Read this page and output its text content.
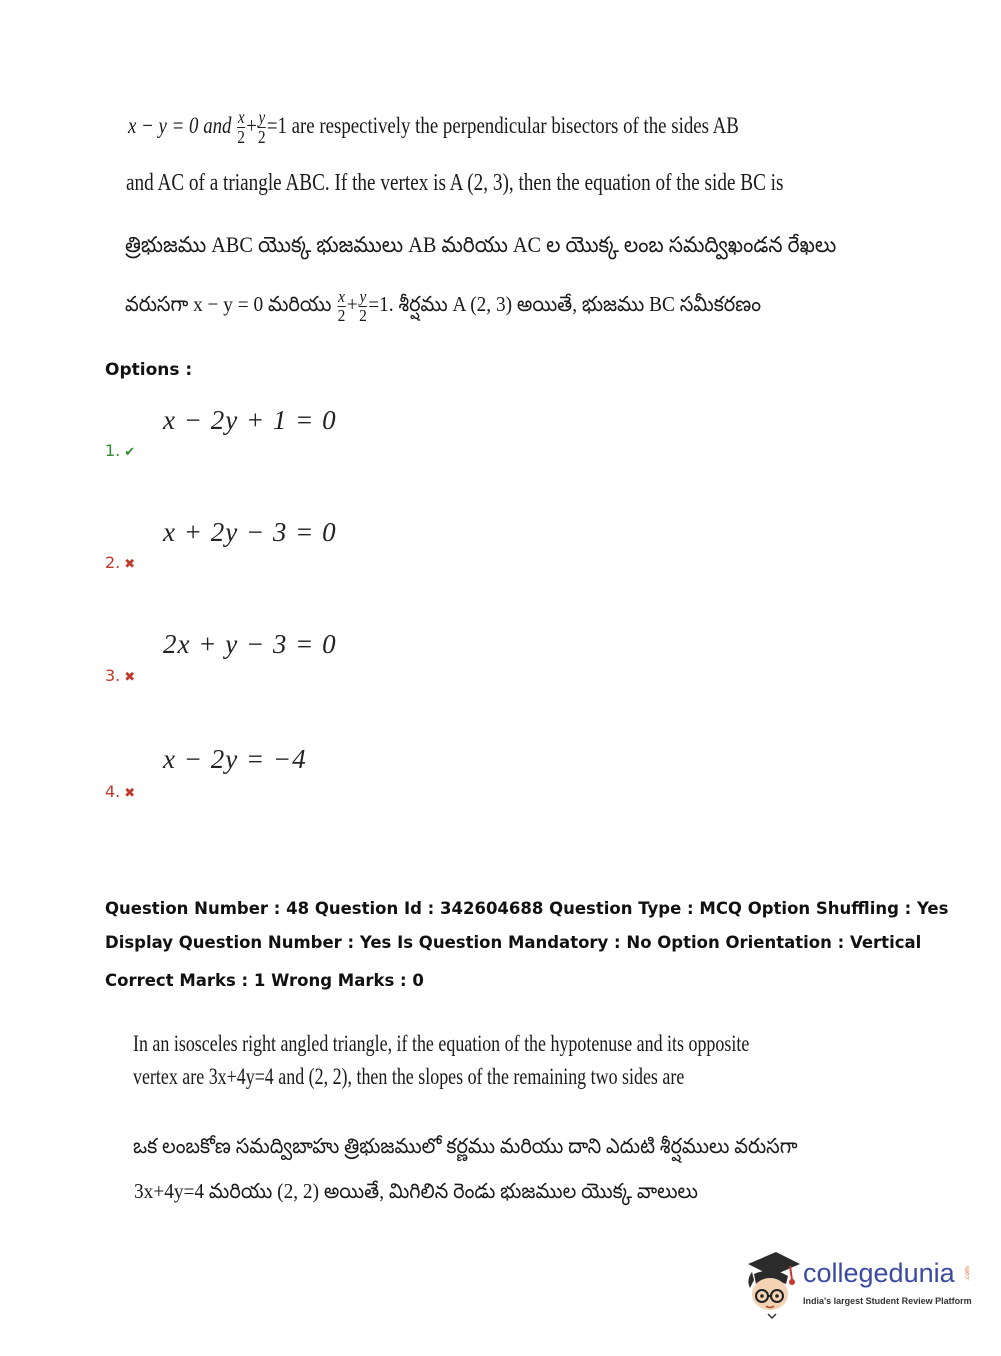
x − y = 0 and $\frac{x}{2} + \frac{y}{2} =1$ are respectively the perpendicular bisectors of the sides AB
and AC of a triangle ABC. If the vertex is A (2, 3), then the equation of the side BC is
త్రిభుజము ABC యొక్క భుజములు AB మరియు AC ల యొక్క లంబ సమద్విఖండన రేఖలు
వరుసగా x − y = 0 మరియు $\frac{x}{2} + \frac{y}{2} =1$. శీర్షము A (2, 3) అయితే, భుజము BC సమీకరణం
Options :
x − 2y + 1 = 0
1. ✔
x + 2y − 3 = 0
2. ✖
2x + y − 3 = 0
3. ✖
x − 2y = −4
4. ✖
Question Number : 48 Question Id : 342604688 Question Type : MCQ Option Shuffling : Yes
Display Question Number : Yes Is Question Mandatory : No Option Orientation : Vertical
Correct Marks : 1 Wrong Marks : 0
In an isosceles right angled triangle, if the equation of the hypotenuse and its opposite
vertex are 3x+4y=4 and (2, 2), then the slopes of the remaining two sides are
ఒక లంబకోణ సమద్విబాహు త్రిభుజములో కర్ణము మరియు దాని ఎదుటి శీర్షములు వరుసగా
3x+4y=4 మరియు (2, 2) అయితే, మిగిలిన రెండు భుజముల యొక్క వాలులు
collegedunia .com
India's largest Student Review Platform
